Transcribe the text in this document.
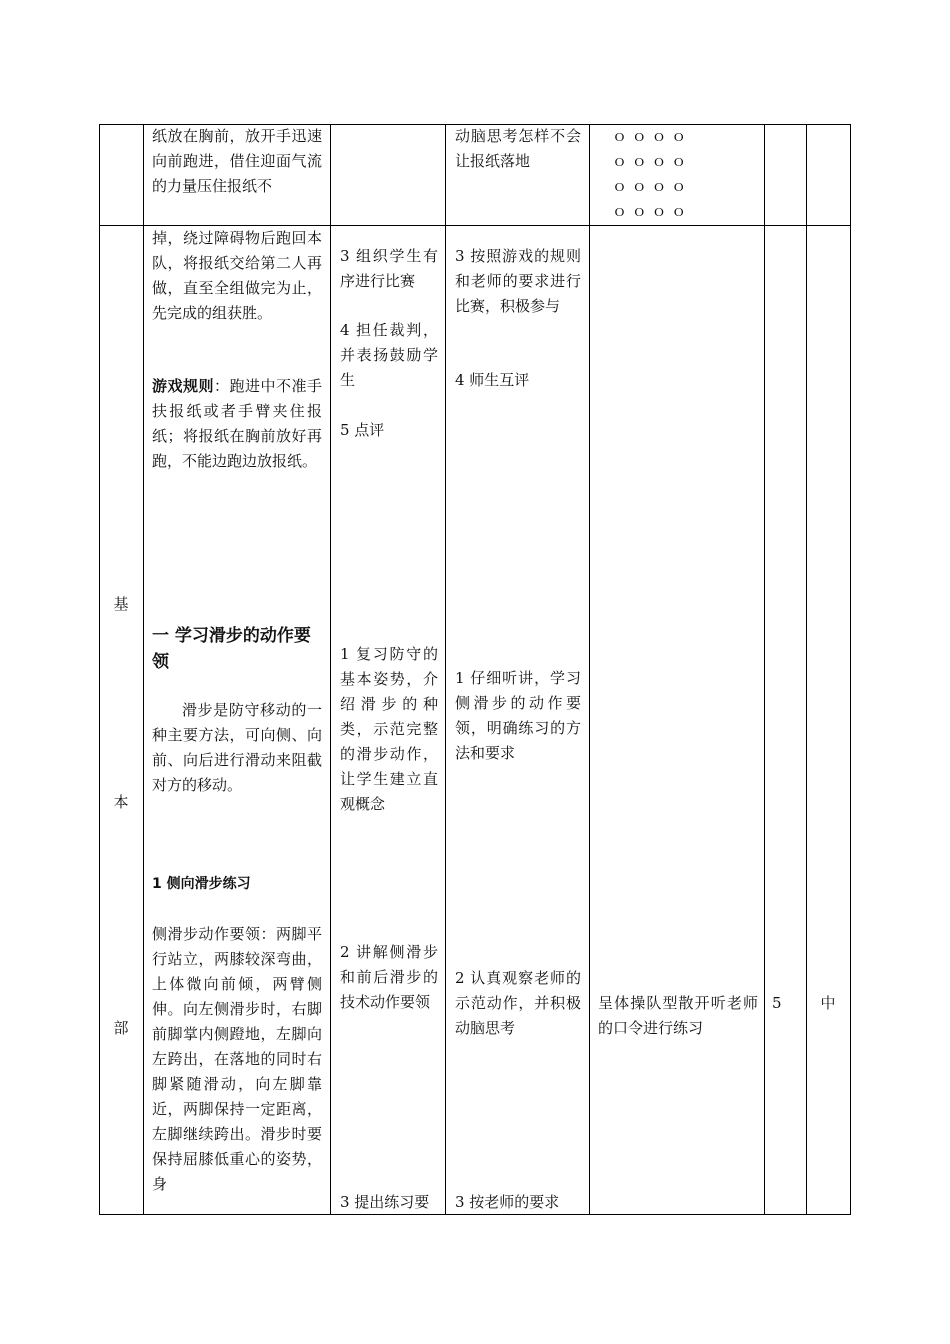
纸放在胸前，放开手迅速向前跑进，借住迎面气流的力量压住报纸不

动脑思考怎样不会让报纸落地

ｏ ｏ ｏ ｏ
ｏ ｏ ｏ ｏ
ｏ ｏ ｏ ｏ
ｏ ｏ ｏ ｏ
基
本
部

掉，绕过障碍物后跑回本队，将报纸交给第二人再做，直至全组做完为止，先完成的组获胜。

游戏规则：跑进中不准手扶报纸或者手臂夹住报纸；将报纸在胸前放好再跑，不能边跑边放报纸。

一 学习滑步的动作要领

滑步是防守移动的一种主要方法，可向侧、向前、向后进行滑动来阻截对方的移动。

1 侧向滑步练习

侧滑步动作要领：两脚平行站立，两膝较深弯曲，上体微向前倾，两臂侧伸。向左侧滑步时，右脚前脚掌内侧蹬地，左脚向左跨出，在落地的同时右脚紧随滑动，向左脚靠近，两脚保持一定距离，左脚继续跨出。滑步时要保持屈膝低重心的姿势，身

3 组织学生有序进行比赛

4 担任裁判，并表扬鼓励学生

5 点评

1 复习防守的基本姿势，介绍滑步的种类，示范完整的滑步动作，让学生建立直观概念

2 讲解侧滑步和前后滑步的技术动作要领

3 提出练习要

3 按照游戏的规则和老师的要求进行比赛，积极参与

4 师生互评

1 仔细听讲，学习侧滑步的动作要领，明确练习的方法和要求

2 认真观察老师的示范动作，并积极动脑思考

3 按老师的要求

呈体操队型散开听老师的口令进行练习

5	中
